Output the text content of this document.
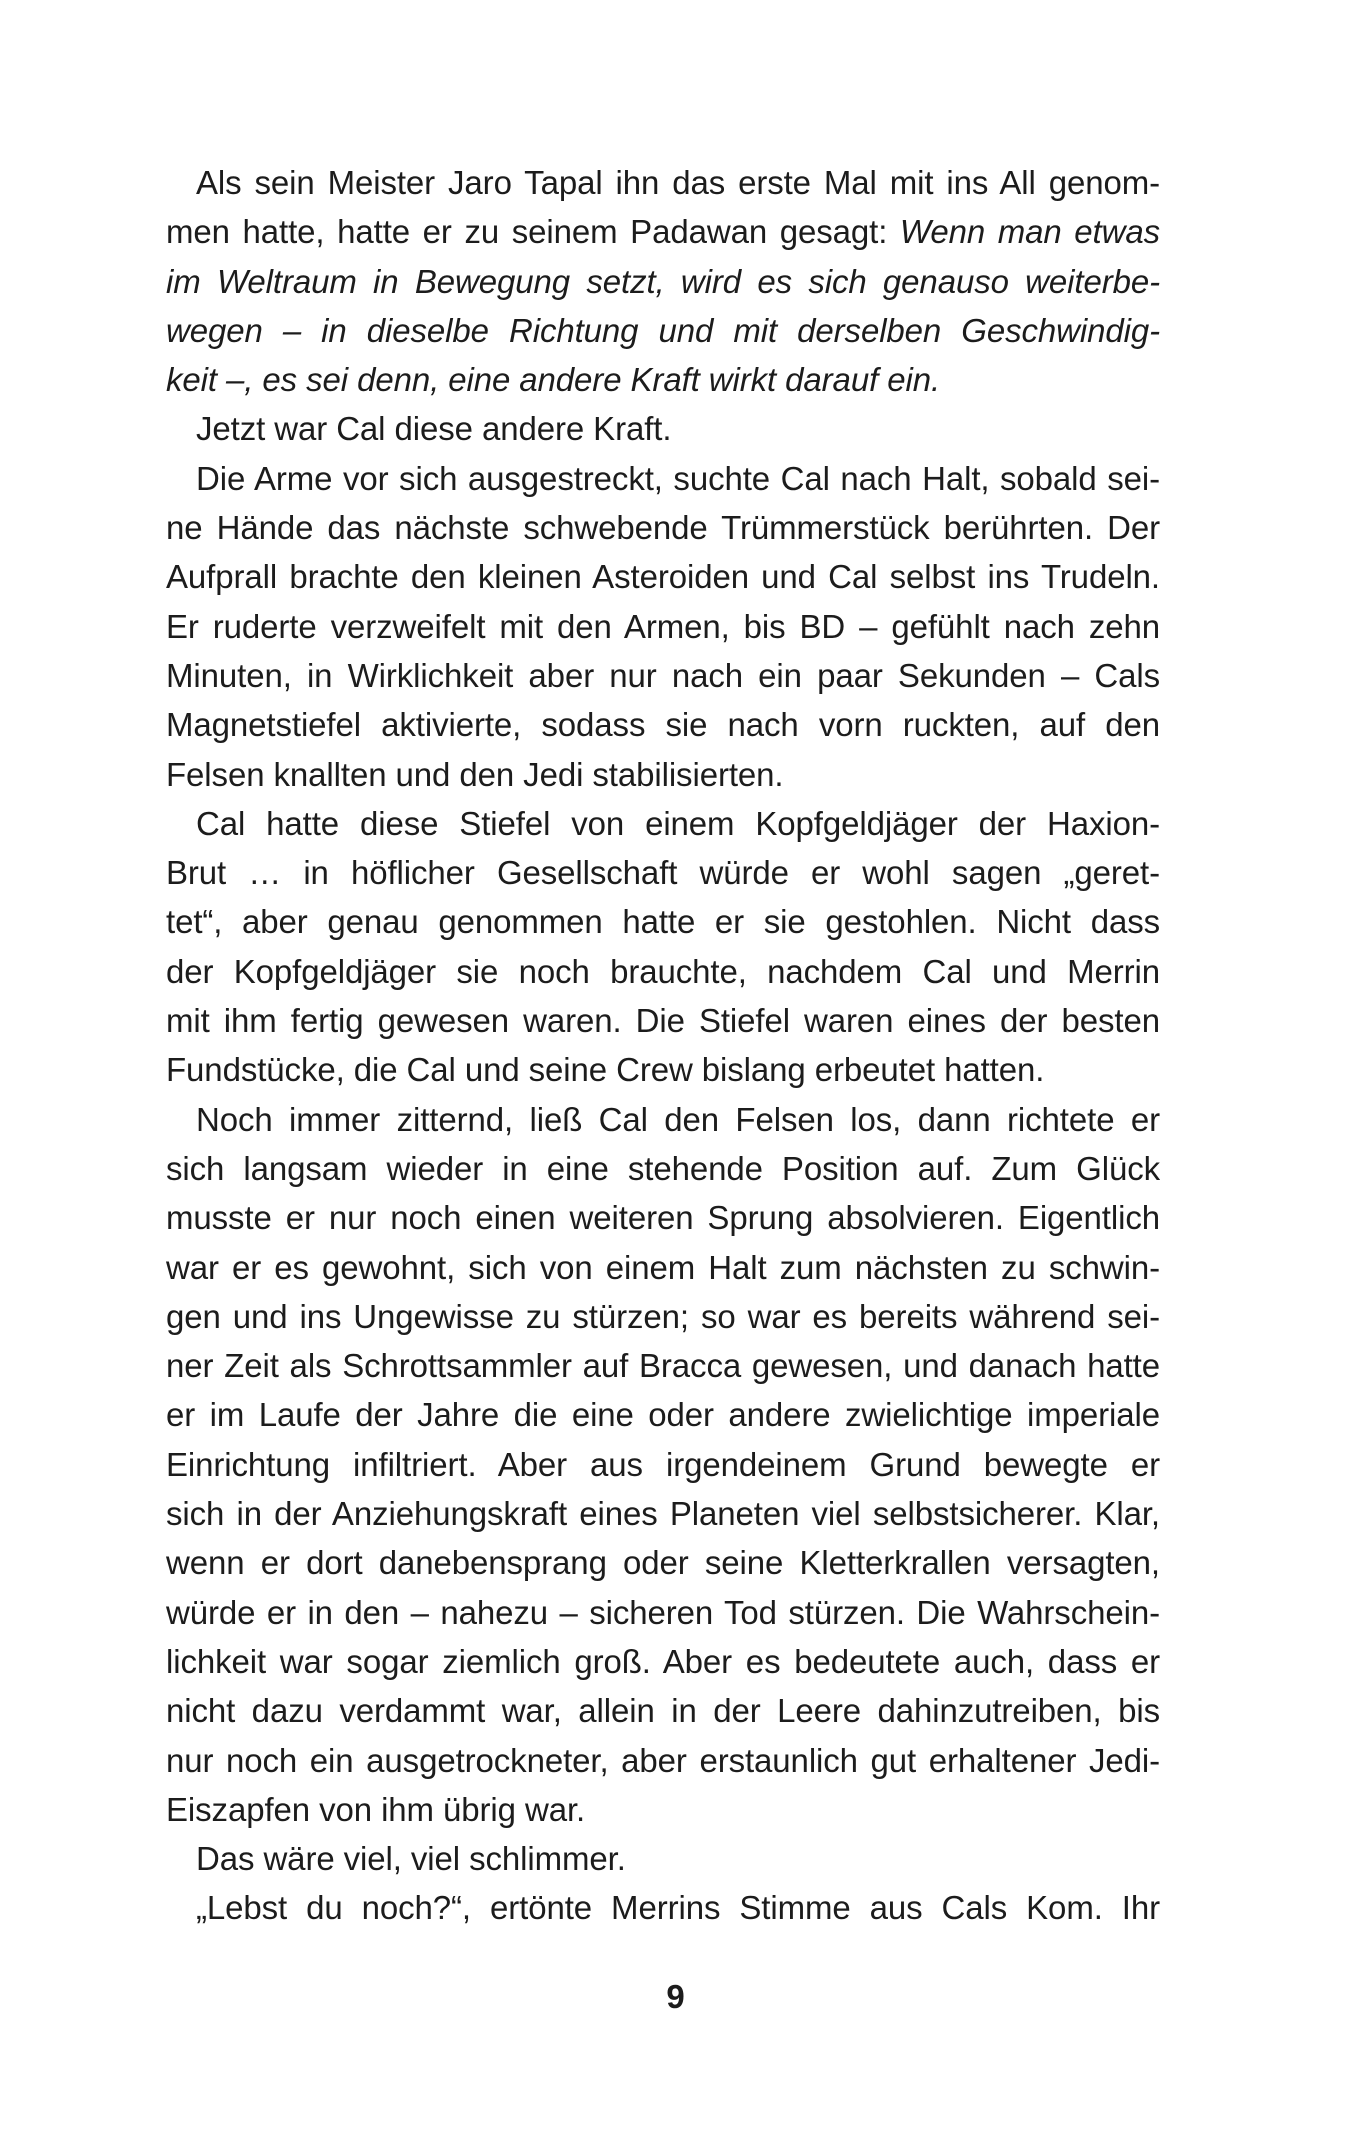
Als sein Meister Jaro Tapal ihn das erste Mal mit ins All genom-
men hatte, hatte er zu seinem Padawan gesagt: Wenn man etwas
im Weltraum in Bewegung setzt, wird es sich genauso weiterbe-
wegen – in dieselbe Richtung und mit derselben Geschwindig-
keit –, es sei denn, eine andere Kraft wirkt darauf ein.
Jetzt war Cal diese andere Kraft.
Die Arme vor sich ausgestreckt, suchte Cal nach Halt, sobald sei-
ne Hände das nächste schwebende Trümmerstück berührten. Der
Aufprall brachte den kleinen Asteroiden und Cal selbst ins Trudeln.
Er ruderte verzweifelt mit den Armen, bis BD – gefühlt nach zehn
Minuten, in Wirklichkeit aber nur nach ein paar Sekunden – Cals
Magnetstiefel aktivierte, sodass sie nach vorn ruckten, auf den
Felsen knallten und den Jedi stabilisierten.
Cal hatte diese Stiefel von einem Kopfgeldjäger der Haxion-
Brut … in höflicher Gesellschaft würde er wohl sagen „geret-
tet“, aber genau genommen hatte er sie gestohlen. Nicht dass
der Kopfgeldjäger sie noch brauchte, nachdem Cal und Merrin
mit ihm fertig gewesen waren. Die Stiefel waren eines der besten
Fundstücke, die Cal und seine Crew bislang erbeutet hatten.
Noch immer zitternd, ließ Cal den Felsen los, dann richtete er
sich langsam wieder in eine stehende Position auf. Zum Glück
musste er nur noch einen weiteren Sprung absolvieren. Eigentlich
war er es gewohnt, sich von einem Halt zum nächsten zu schwin-
gen und ins Ungewisse zu stürzen; so war es bereits während sei-
ner Zeit als Schrottsammler auf Bracca gewesen, und danach hatte
er im Laufe der Jahre die eine oder andere zwielichtige imperiale
Einrichtung infiltriert. Aber aus irgendeinem Grund bewegte er
sich in der Anziehungskraft eines Planeten viel selbstsicherer. Klar,
wenn er dort danebensprang oder seine Kletterkrallen versagten,
würde er in den – nahezu – sicheren Tod stürzen. Die Wahrschein-
lichkeit war sogar ziemlich groß. Aber es bedeutete auch, dass er
nicht dazu verdammt war, allein in der Leere dahinzutreiben, bis
nur noch ein ausgetrockneter, aber erstaunlich gut erhaltener Jedi-
Eiszapfen von ihm übrig war.
Das wäre viel, viel schlimmer.
„Lebst du noch?“, ertönte Merrins Stimme aus Cals Kom. Ihr
9
